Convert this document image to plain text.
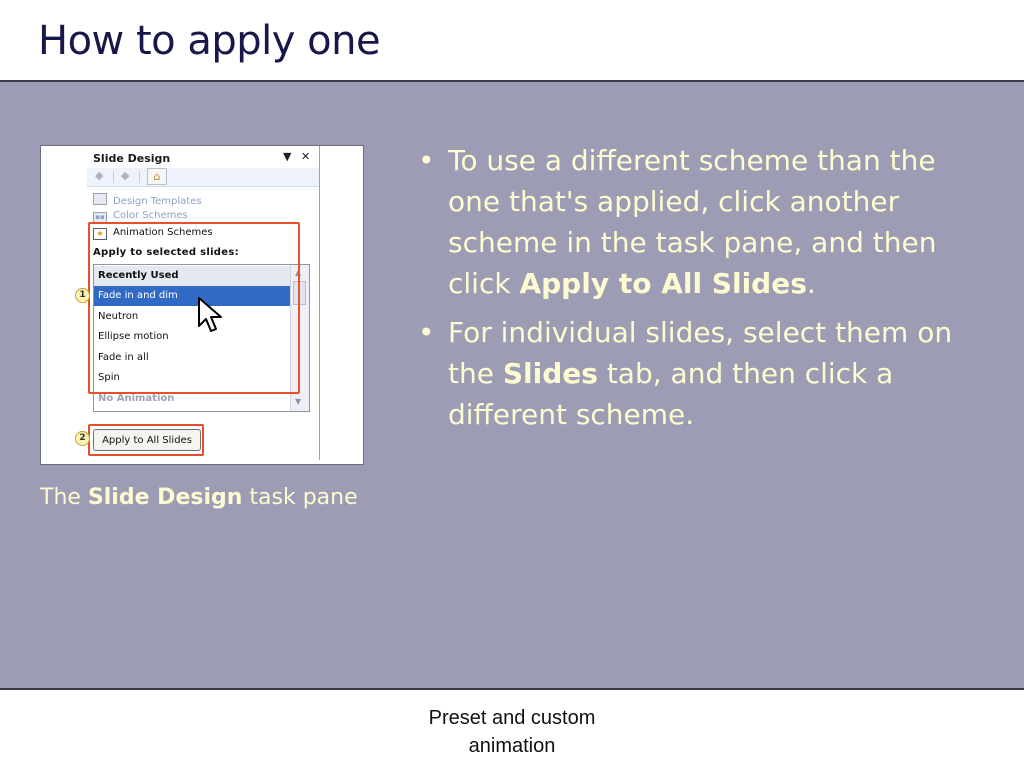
How to apply one
Slide Design	▼ ✕
◆ ◆	⌂
Design Templates
▪▪ Color Schemes
★ Animation Schemes
Apply to selected slides:
Recently Used
Fade in and dim
Neutron
Ellipse motion
Fade in all
Spin
No Animation
▲
▼
Apply to All Slides
1
2
The Slide Design task pane
• To use a different scheme than the one that's applied, click another scheme in the task pane, and then click Apply to All Slides.
• For individual slides, select them on the Slides tab, and then click a different scheme.
Preset and custom animation
